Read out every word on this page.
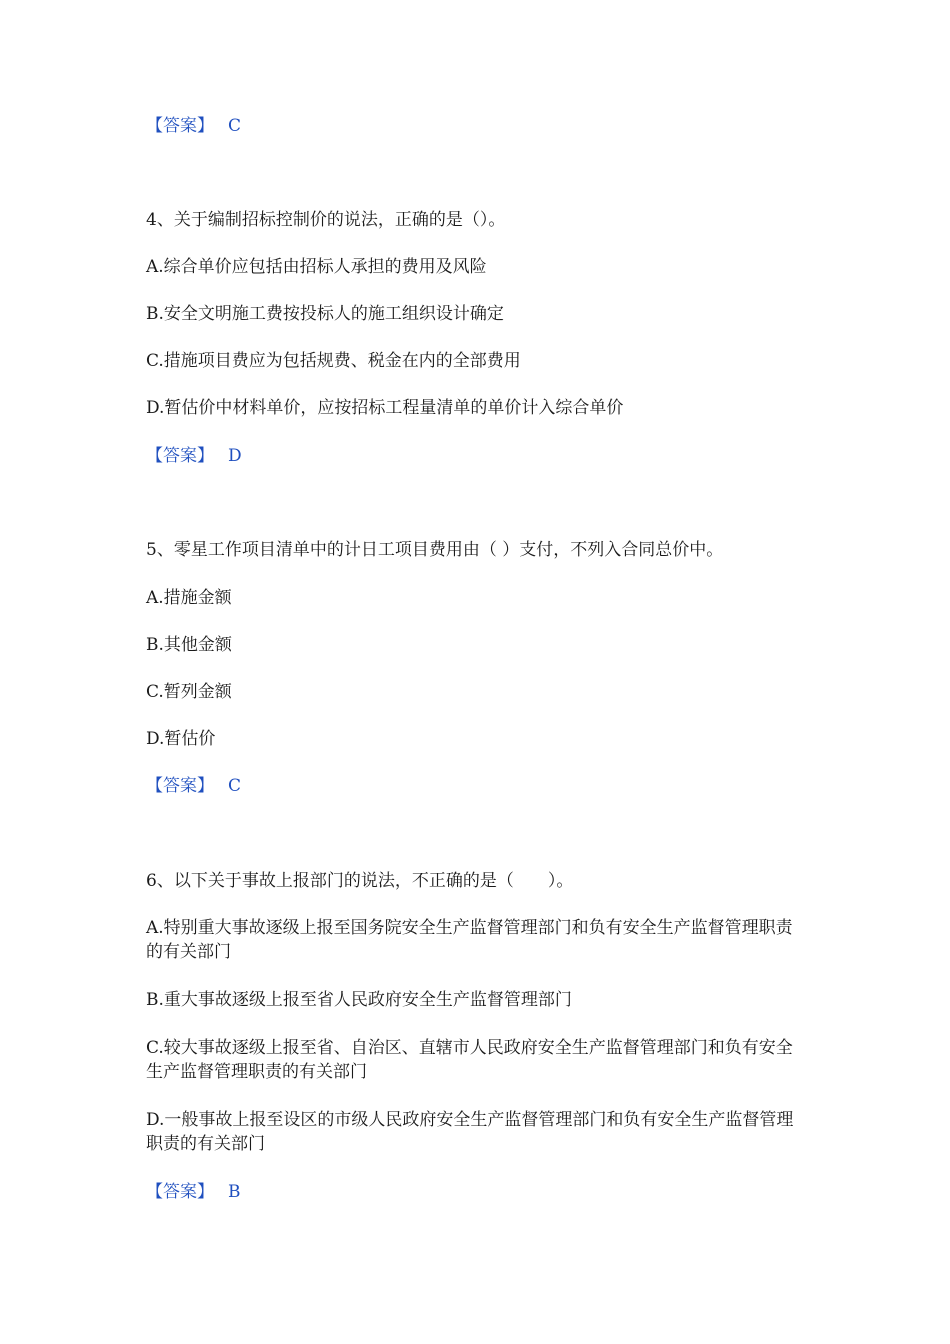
【答案】 C
4、关于编制招标控制价的说法，正确的是（）。
A.综合单价应包括由招标人承担的费用及风险
B.安全文明施工费按投标人的施工组织设计确定
C.措施项目费应为包括规费、税金在内的全部费用
D.暂估价中材料单价，应按招标工程量清单的单价计入综合单价
【答案】 D
5、零星工作项目清单中的计日工项目费用由（ ）支付，不列入合同总价中。
A.措施金额
B.其他金额
C.暂列金额
D.暂估价
【答案】 C
6、以下关于事故上报部门的说法，不正确的是（　　）。
A.特别重大事故逐级上报至国务院安全生产监督管理部门和负有安全生产监督管理职责的有关部门
B.重大事故逐级上报至省人民政府安全生产监督管理部门
C.较大事故逐级上报至省、自治区、直辖市人民政府安全生产监督管理部门和负有安全生产监督管理职责的有关部门
D.一般事故上报至设区的市级人民政府安全生产监督管理部门和负有安全生产监督管理职责的有关部门
【答案】 B
